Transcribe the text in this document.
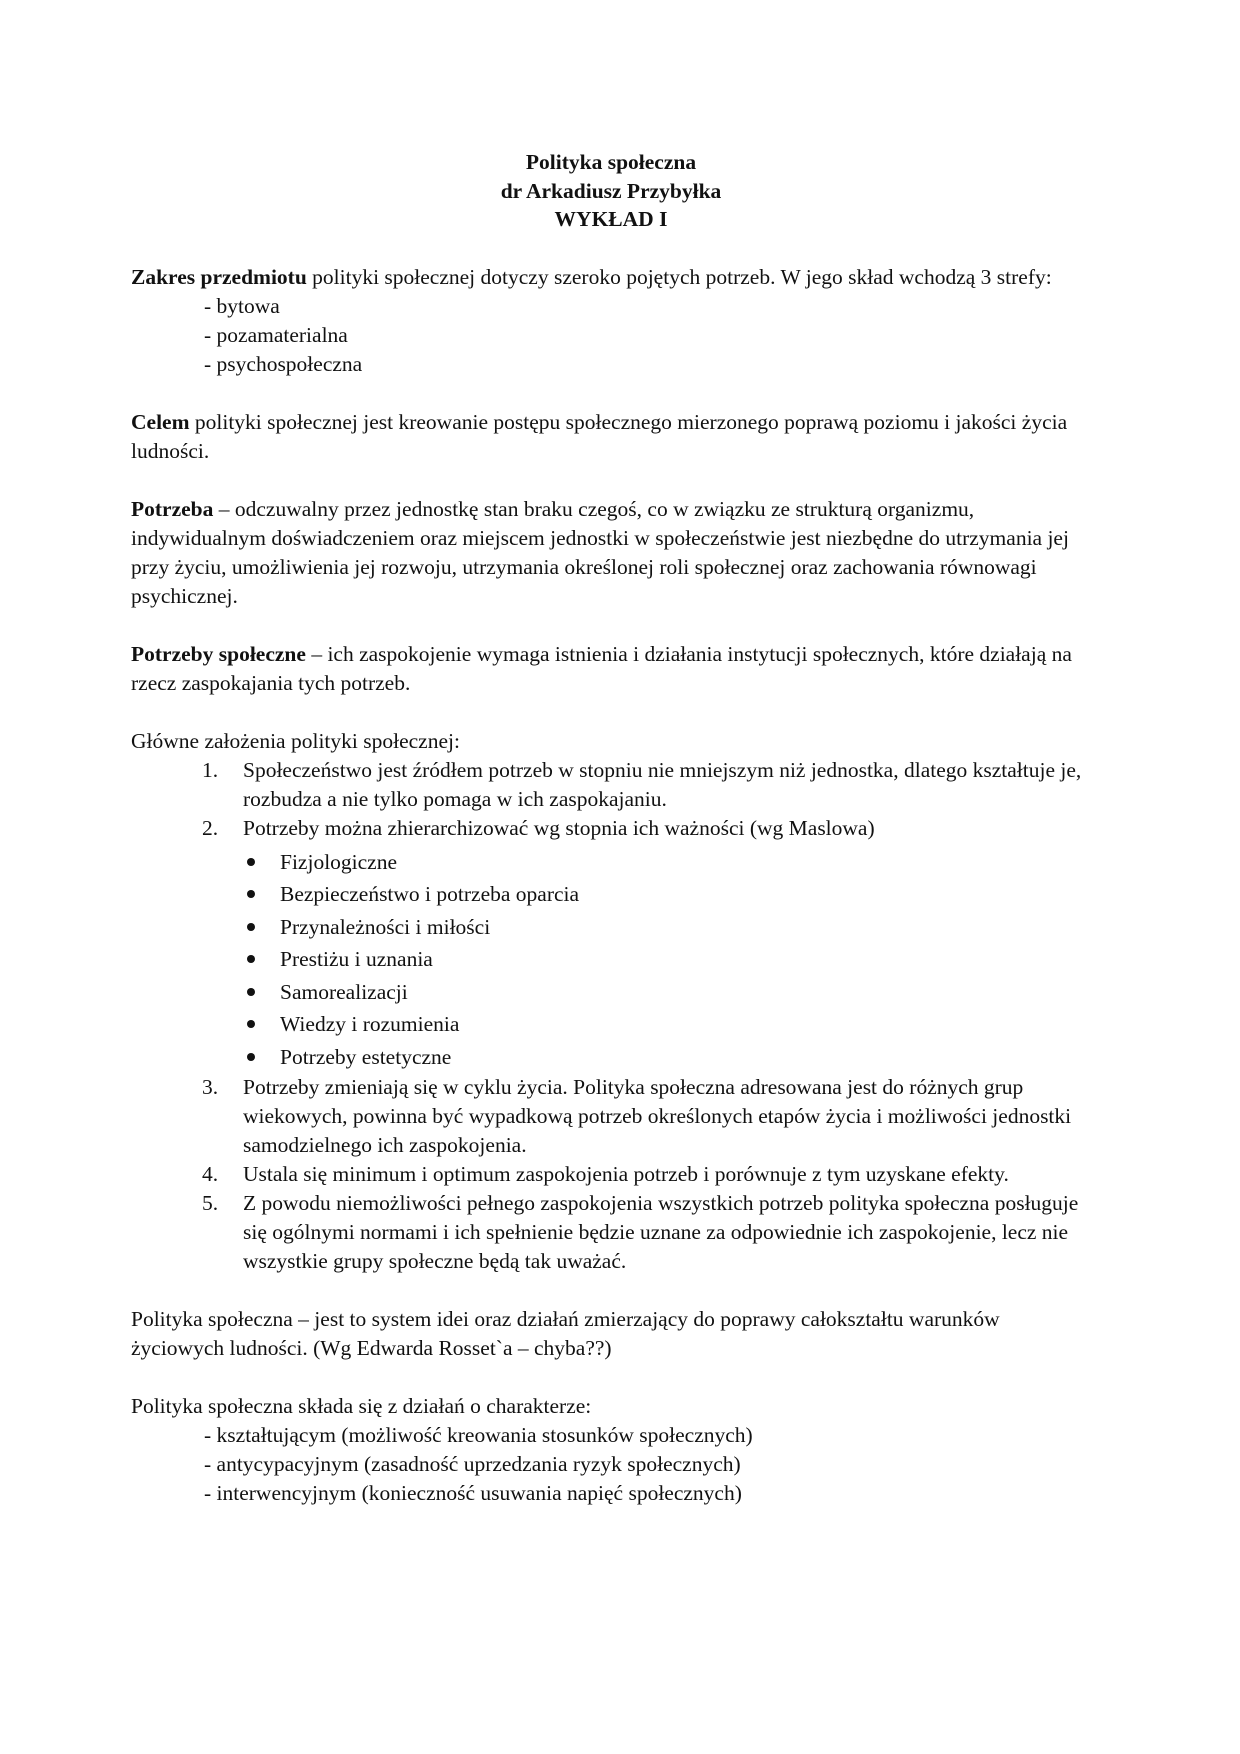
Polityka społeczna
dr Arkadiusz Przybyłka
WYKŁAD I

Zakres przedmiotu polityki społecznej dotyczy szeroko pojętych potrzeb. W jego skład wchodzą 3 strefy:

- bytowa
- pozamaterialna
- psychospołeczna

Celem polityki społecznej jest kreowanie postępu społecznego mierzonego poprawą poziomu i jakości życia ludności.

Potrzeba – odczuwalny przez jednostkę stan braku czegoś, co w związku ze strukturą organizmu, indywidualnym doświadczeniem oraz miejscem jednostki w społeczeństwie jest niezbędne do utrzymania jej przy życiu, umożliwienia jej rozwoju, utrzymania określonej roli społecznej oraz zachowania równowagi psychicznej.

Potrzeby społeczne – ich zaspokojenie wymaga istnienia i działania instytucji społecznych, które działają na rzecz zaspokajania tych potrzeb.

Główne założenia polityki społecznej:

1. Społeczeństwo jest źródłem potrzeb w stopniu nie mniejszym niż jednostka, dlatego kształtuje je, rozbudza a nie tylko pomaga w ich zaspokajaniu.
2. Potrzeby można zhierarchizować wg stopnia ich ważności (wg Maslowa)
Fizjologiczne
Bezpieczeństwo i potrzeba oparcia
Przynależności i miłości
Prestiżu i uznania
Samorealizacji
Wiedzy i rozumienia
Potrzeby estetyczne
3. Potrzeby zmieniają się w cyklu życia. Polityka społeczna adresowana jest do różnych grup wiekowych, powinna być wypadkową potrzeb określonych etapów życia i możliwości jednostki samodzielnego ich zaspokojenia.
4. Ustala się minimum i optimum zaspokojenia potrzeb i porównuje z tym uzyskane efekty.
5. Z powodu niemożliwości pełnego zaspokojenia wszystkich potrzeb polityka społeczna posługuje się ogólnymi normami i ich spełnienie będzie uznane za odpowiednie ich zaspokojenie, lecz nie wszystkie grupy społeczne będą tak uważać.

Polityka społeczna – jest to system idei oraz działań zmierzający do poprawy całokształtu warunków życiowych ludności. (Wg Edwarda Rosset`a – chyba??)

Polityka społeczna składa się z działań o charakterze:

- kształtującym (możliwość kreowania stosunków społecznych)
- antycypacyjnym (zasadność uprzedzania ryzyk społecznych)
- interwencyjnym (konieczność usuwania napięć społecznych)
